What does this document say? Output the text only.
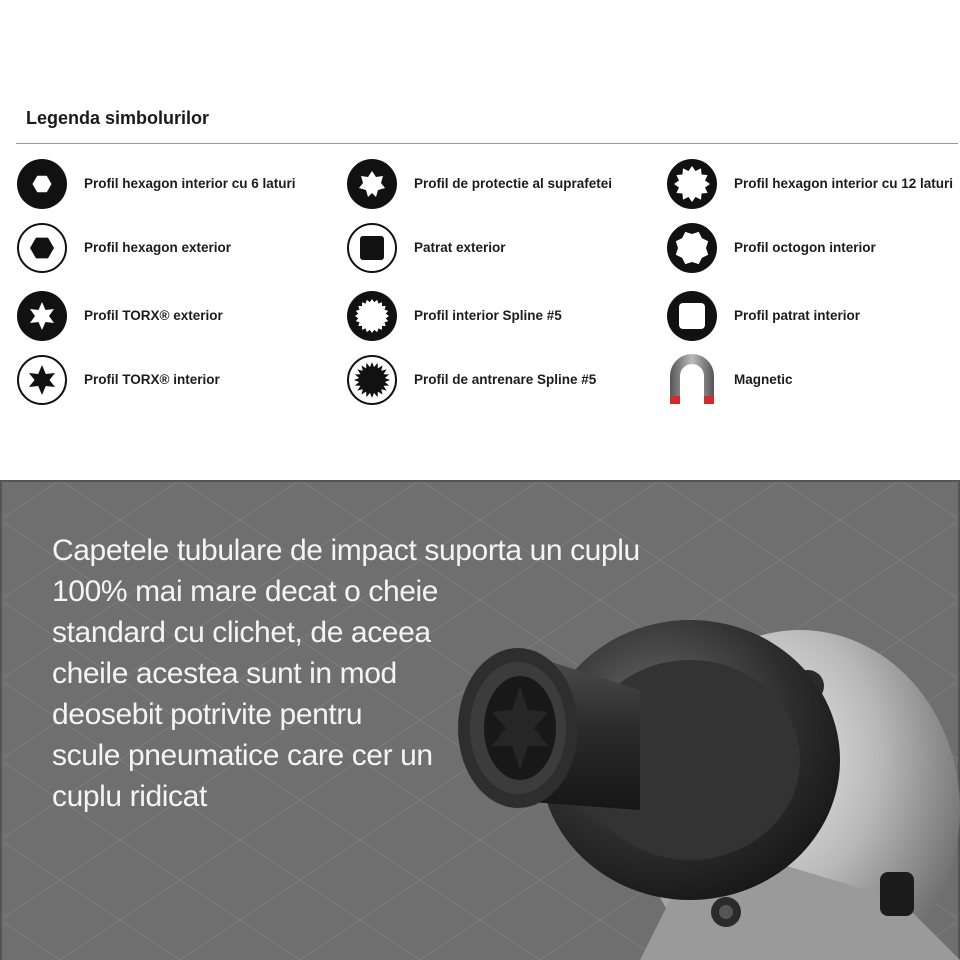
Legenda simbolurilor
Profil hexagon interior cu 6 laturi
Profil hexagon exterior
Profil TORX® exterior
Profil TORX® interior
Profil de protectie al suprafetei
Patrat exterior
Profil interior Spline #5
Profil de antrenare Spline #5
Profil hexagon interior cu 12 laturi
Profil octogon interior
Profil patrat interior
Magnetic
Capetele tubulare de impact suporta un cuplu
100% mai mare decat o cheie
standard cu clichet, de aceea
cheile acestea sunt in mod
deosebit potrivite pentru
scule pneumatice care cer un
cuplu ridicat
